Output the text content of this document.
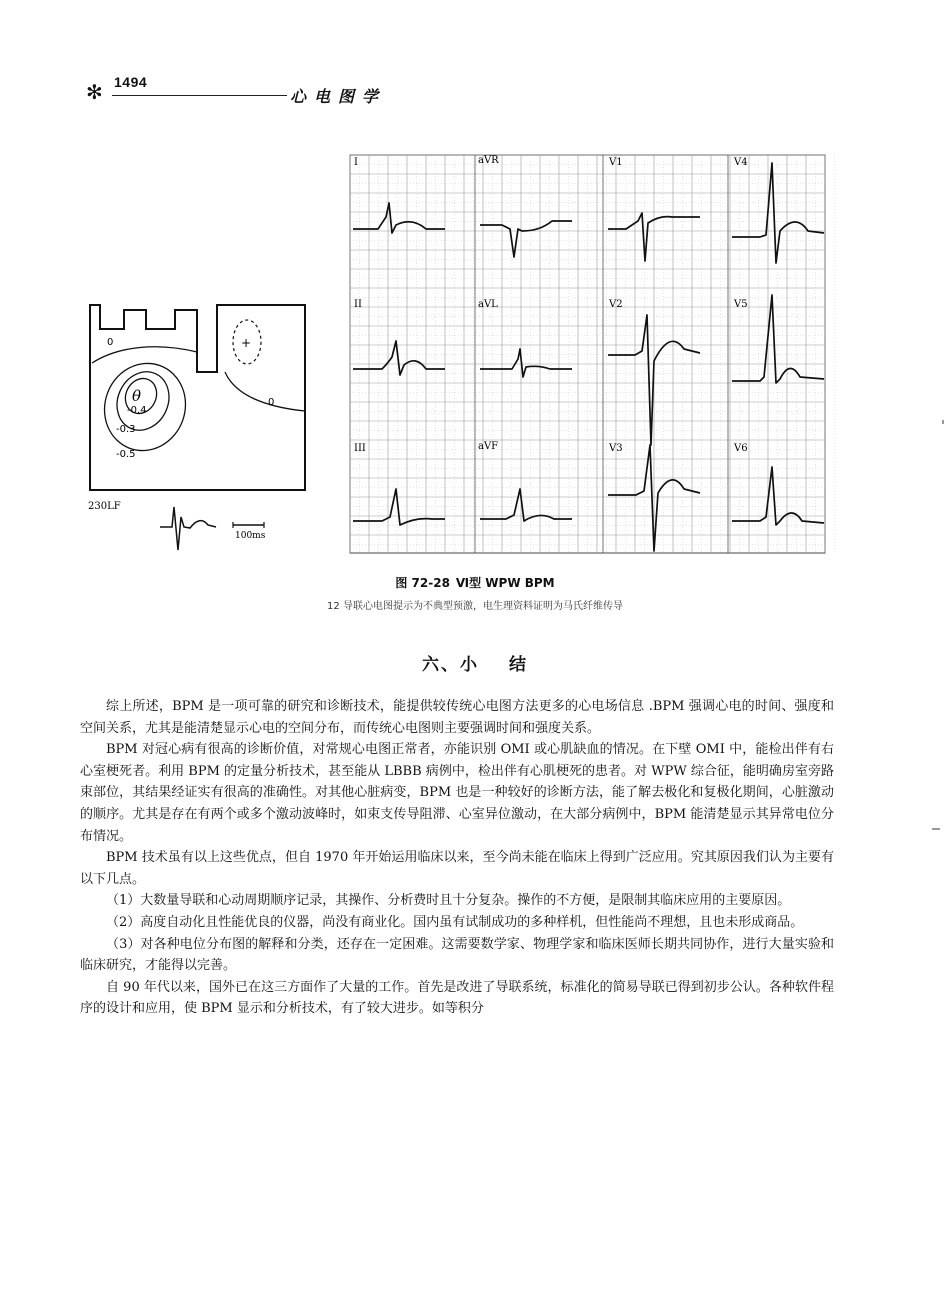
✻ 1494
心电图学
0
0
-0.4
-0.3
-0.5
θ
+
230LF
100ms
I	aVR	V1	V4
II	aVL	V2	V5
III	aVF	V3	V6
图 72-28 Ⅵ型 WPW BPM
12 导联心电图提示为不典型预激，电生理资料证明为马氏纤维传导
六、小 结

综上所述，BPM 是一项可靠的研究和诊断技术，能提供较传统心电图方法更多的心电场信息 .BPM 强调心电的时间、强度和空间关系，尤其是能清楚显示心电的空间分布，而传统心电图则主要强调时间和强度关系。

BPM 对冠心病有很高的诊断价值，对常规心电图正常者，亦能识别 OMI 或心肌缺血的情况。在下壁 OMI 中，能检出伴有右心室梗死者。利用 BPM 的定量分析技术，甚至能从 LBBB 病例中，检出伴有心肌梗死的患者。对 WPW 综合征，能明确房室旁路束部位，其结果经证实有很高的准确性。对其他心脏病变，BPM 也是一种较好的诊断方法，能了解去极化和复极化期间，心脏激动的顺序。尤其是存在有两个或多个激动波峰时，如束支传导阻滞、心室异位激动，在大部分病例中，BPM 能清楚显示其异常电位分布情况。

BPM 技术虽有以上这些优点，但自 1970 年开始运用临床以来，至今尚未能在临床上得到广泛应用。究其原因我们认为主要有以下几点。

（1）大数量导联和心动周期顺序记录，其操作、分析费时且十分复杂。操作的不方便，是限制其临床应用的主要原因。

（2）高度自动化且性能优良的仪器，尚没有商业化。国内虽有试制成功的多种样机，但性能尚不理想，且也未形成商品。

（3）对各种电位分布图的解释和分类，还存在一定困难。这需要数学家、物理学家和临床医师长期共同协作，进行大量实验和临床研究，才能得以完善。

自 90 年代以来，国外已在这三方面作了大量的工作。首先是改进了导联系统，标准化的简易导联已得到初步公认。各种软件程序的设计和应用，使 BPM 显示和分析技术，有了较大进步。如等积分
